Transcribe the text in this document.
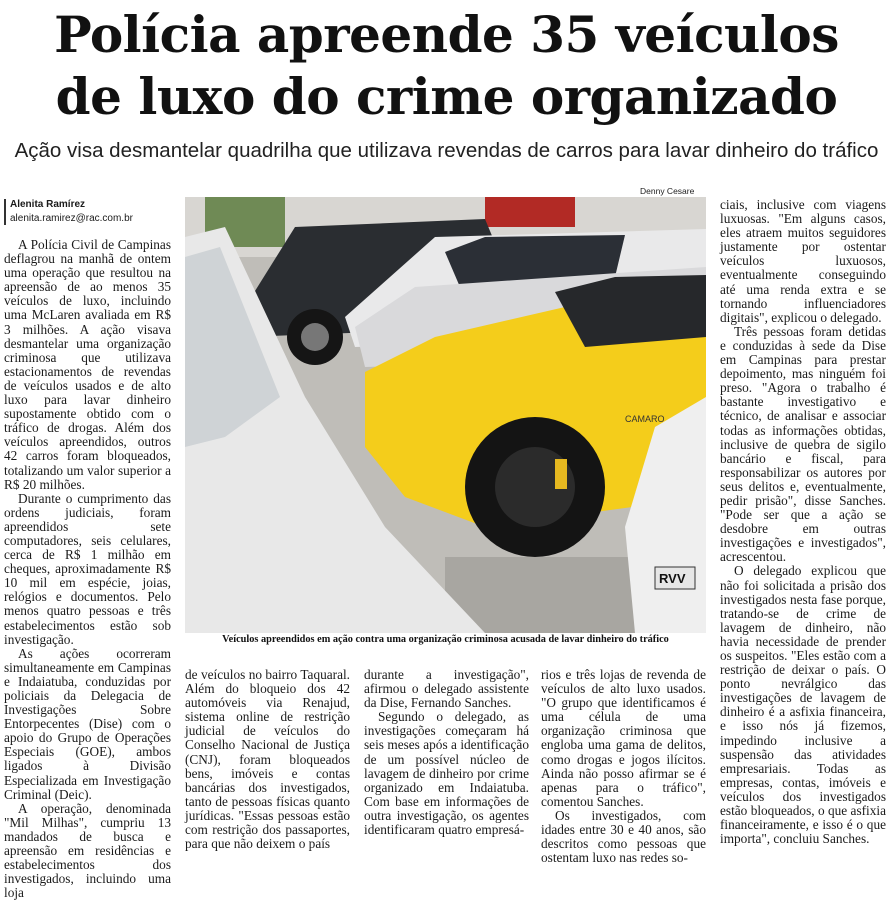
Polícia apreende 35 veículos
de luxo do crime organizado
Ação visa desmantelar quadrilha que utilizava revendas de carros para lavar dinheiro do tráfico
Alenita Ramírez
alenita.ramirez@rac.com.br
Denny Cesare

A Polícia Civil de Campinas deflagrou na manhã de ontem uma operação que resultou na apreensão de ao menos 35 veículos de luxo, incluindo uma McLaren avaliada em R$ 3 milhões. A ação visava desmantelar uma organização criminosa que utilizava estacionamentos de revendas de veículos usados e de alto luxo para lavar dinheiro supostamente obtido com o tráfico de drogas. Além dos veículos apreendidos, outros 42 carros foram bloqueados, totalizando um valor superior a R$ 20 milhões.

Durante o cumprimento das ordens judiciais, foram apreendidos sete computadores, seis celulares, cerca de R$ 1 milhão em cheques, aproximadamente R$ 10 mil em espécie, joias, relógios e documentos. Pelo menos quatro pessoas e três estabelecimentos estão sob investigação.

As ações ocorreram simultaneamente em Campinas e Indaiatuba, conduzidas por policiais da Delegacia de Investigações Sobre Entorpecentes (Dise) com o apoio do Grupo de Operações Especiais (GOE), ambos ligados à Divisão Especializada em Investigação Criminal (Deic).

A operação, denominada "Mil Milhas", cumpriu 13 mandados de busca e apreensão em residências e estabelecimentos dos investigados, incluindo uma loja

CAMARO
RVV
Veículos apreendidos em ação contra uma organização criminosa acusada de lavar dinheiro do tráfico

de veículos no bairro Taquaral. Além do bloqueio dos 42 automóveis via Renajud, sistema online de restrição judicial de veículos do Conselho Nacional de Justiça (CNJ), foram bloqueados bens, imóveis e contas bancárias dos investigados, tanto de pessoas físicas quanto jurídicas. "Essas pessoas estão com restrição dos passaportes, para que não deixem o país

durante a investigação", afirmou o delegado assistente da Dise, Fernando Sanches.

Segundo o delegado, as investigações começaram há seis meses após a identificação de um possível núcleo de lavagem de dinheiro por crime organizado em Indaiatuba. Com base em informações de outra investigação, os agentes identificaram quatro empresá-

rios e três lojas de revenda de veículos de alto luxo usados. "O grupo que identificamos é uma célula de uma organização criminosa que engloba uma gama de delitos, como drogas e jogos ilícitos. Ainda não posso afirmar se é apenas para o tráfico", comentou Sanches.

Os investigados, com idades entre 30 e 40 anos, são descritos como pessoas que ostentam luxo nas redes so-

ciais, inclusive com viagens luxuosas. "Em alguns casos, eles atraem muitos seguidores justamente por ostentar veículos luxuosos, eventualmente conseguindo até uma renda extra e se tornando influenciadores digitais", explicou o delegado.

Três pessoas foram detidas e conduzidas à sede da Dise em Campinas para prestar depoimento, mas ninguém foi preso. "Agora o trabalho é bastante investigativo e técnico, de analisar e associar todas as informações obtidas, inclusive de quebra de sigilo bancário e fiscal, para responsabilizar os autores por seus delitos e, eventualmente, pedir prisão", disse Sanches. "Pode ser que a ação se desdobre em outras investigações e investigados", acrescentou.

O delegado explicou que não foi solicitada a prisão dos investigados nesta fase porque, tratando-se de crime de lavagem de dinheiro, não havia necessidade de prender os suspeitos. "Eles estão com a restrição de deixar o país. O ponto nevrálgico das investigações de lavagem de dinheiro é a asfixia financeira, e isso nós já fizemos, impedindo inclusive a suspensão das atividades empresariais. Todas as empresas, contas, imóveis e veículos dos investigados estão bloqueados, o que asfixia financeiramente, e isso é o que importa", concluiu Sanches.
